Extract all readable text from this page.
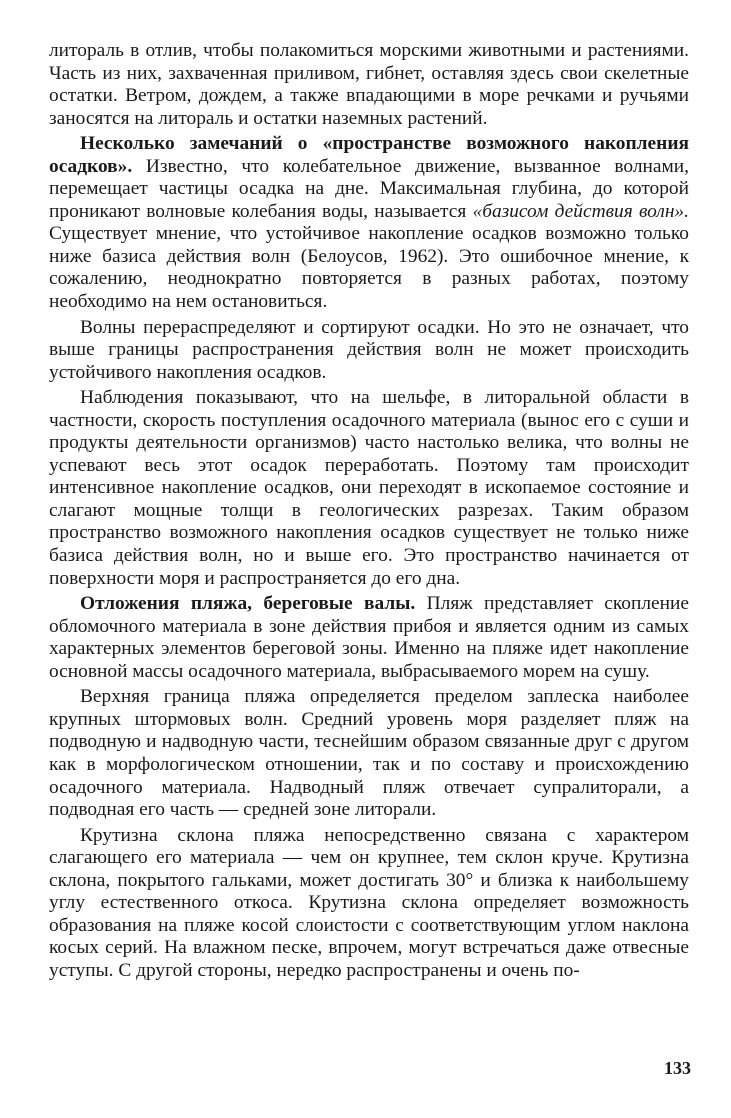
литораль в отлив, чтобы полакомиться морскими животными и растениями. Часть из них, захваченная приливом, гибнет, оставляя здесь свои скелетные остатки. Ветром, дождем, а также впадающими в море речками и ручьями заносятся на литораль и остатки наземных растений.

Несколько замечаний о «пространстве возможного накопления осадков». Известно, что колебательное движение, вызванное волнами, перемещает частицы осадка на дне. Максимальная глубина, до которой проникают волновые колебания воды, называется «базисом действия волн». Существует мнение, что устойчивое накопление осадков возможно только ниже базиса действия волн (Белоусов, 1962). Это ошибочное мнение, к сожалению, неоднократно повторяется в разных работах, поэтому необходимо на нем остановиться.

Волны перераспределяют и сортируют осадки. Но это не означает, что выше границы распространения действия волн не может происходить устойчивого накопления осадков.

Наблюдения показывают, что на шельфе, в литоральной области в частности, скорость поступления осадочного материала (вынос его с суши и продукты деятельности организмов) часто настолько велика, что волны не успевают весь этот осадок переработать. Поэтому там происходит интенсивное накопление осадков, они переходят в ископаемое состояние и слагают мощные толщи в геологических разрезах. Таким образом пространство возможного накопления осадков существует не только ниже базиса действия волн, но и выше его. Это пространство начинается от поверхности моря и распространяется до его дна.

Отложения пляжа, береговые валы. Пляж представляет скопление обломочного материала в зоне действия прибоя и является одним из самых характерных элементов береговой зоны. Именно на пляже идет накопление основной массы осадочного материала, выбрасываемого морем на сушу.

Верхняя граница пляжа определяется пределом заплеска наиболее крупных штормовых волн. Средний уровень моря разделяет пляж на подводную и надводную части, теснейшим образом связанные друг с другом как в морфологическом отношении, так и по составу и происхождению осадочного материала. Надводный пляж отвечает супралиторали, а подводная его часть — средней зоне литорали.

Крутизна склона пляжа непосредственно связана с характером слагающего его материала — чем он крупнее, тем склон круче. Крутизна склона, покрытого гальками, может достигать 30° и близка к наибольшему углу естественного откоса. Крутизна склона определяет возможность образования на пляже косой слоистости с соответствующим углом наклона косых серий. На влажном песке, впрочем, могут встречаться даже отвесные уступы. С другой стороны, нередко распространены и очень по-

133
